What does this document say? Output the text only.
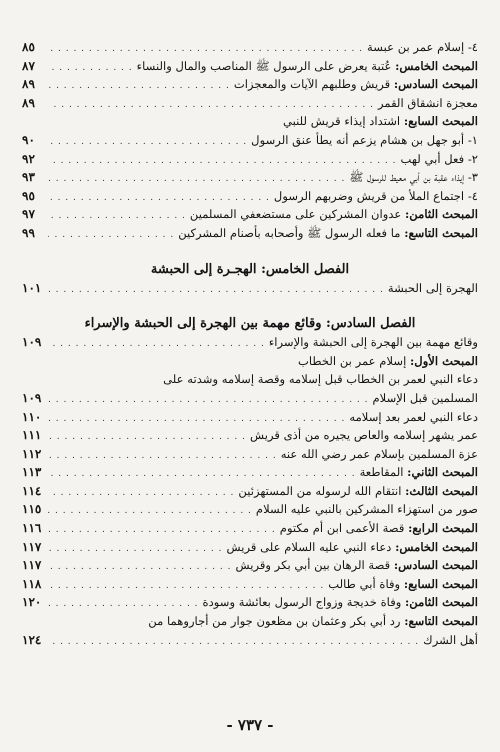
٤- إسلام عمر بن عبسة
. . .
٨٥
المبحث الخامس: عُتبة يعرض على الرسول ﷺ المناصب والمال والنساء
. . .
٨٧
المبحث السادس: قريش وطلبهم الآيات والمعجزات
. . .
٨٩
معجزة انشقاق القمر
. . .
٨٩
المبحث السابع: اشتداد إيذاء قريش للنبي
١- أبو جهل بن هشام يزعم أنه يطأ عنق الرسول
. . .
٩٠
٢- فعل أبي لهب
. . .
٩٢
٣- إيذاء عقبة بن أبي معيط للرسول ﷺ
. . .
٩٣
٤- اجتماع الملأ من قريش وضربهم الرسول
. . .
٩٥
المبحث الثامن: عدوان المشركين على مستضعفي المسلمين
. . .
٩٧
المبحث التاسع: ما فعله الرسول ﷺ وأصحابه بأصنام المشركين
. . .
٩٩
الفصل الخامس: الهجـرة إلى الحبشة
الهجرة إلى الحبشة
. . .
١٠١
الفصل السادس: وقائع مهمة بين الهجرة إلى الحبشة والإسراء
وقائع مهمة بين الهجرة إلى الحبشة والإسراء
. . .
١٠٩
المبحث الأول: إسلام عمر بن الخطاب
دعاء النبي لعمر بن الخطاب قبل إسلامه وقصة إسلامه وشدته على
المسلمين قبل الإسلام
. . .
١٠٩
دعاء النبي لعمر بعد إسلامه
. . .
١١٠
عمر يشهر إسلامه والعاص يجيره من أذى قريش
. . .
١١١
عزة المسلمين بإسلام عمر رضي الله عنه
. . .
١١٢
المبحث الثاني: المقاطعة
. . .
١١٣
المبحث الثالث: انتقام الله لرسوله من المستهزئين
. . .
١١٤
صور من استهزاء المشركين بالنبي عليه السلام
. . .
١١٥
المبحث الرابع: قصة الأعمى ابن أم مكتوم
. . .
١١٦
المبحث الخامس: دعاء النبي عليه السلام على قريش
. . .
١١٧
المبحث السادس: قصة الرهان بين أبي بكر وقريش
. . .
١١٧
المبحث السابع: وفاة أبي طالب
. . .
١١٨
المبحث الثامن: وفاة خديجة وزواج الرسول بعائشة وسودة
. . .
١٢٠
المبحث التاسع: رد أبي بكر وعثمان بن مظعون جوار من أجاروهما من
أهل الشرك
. . .
١٢٤
- ٧٣٧ -
